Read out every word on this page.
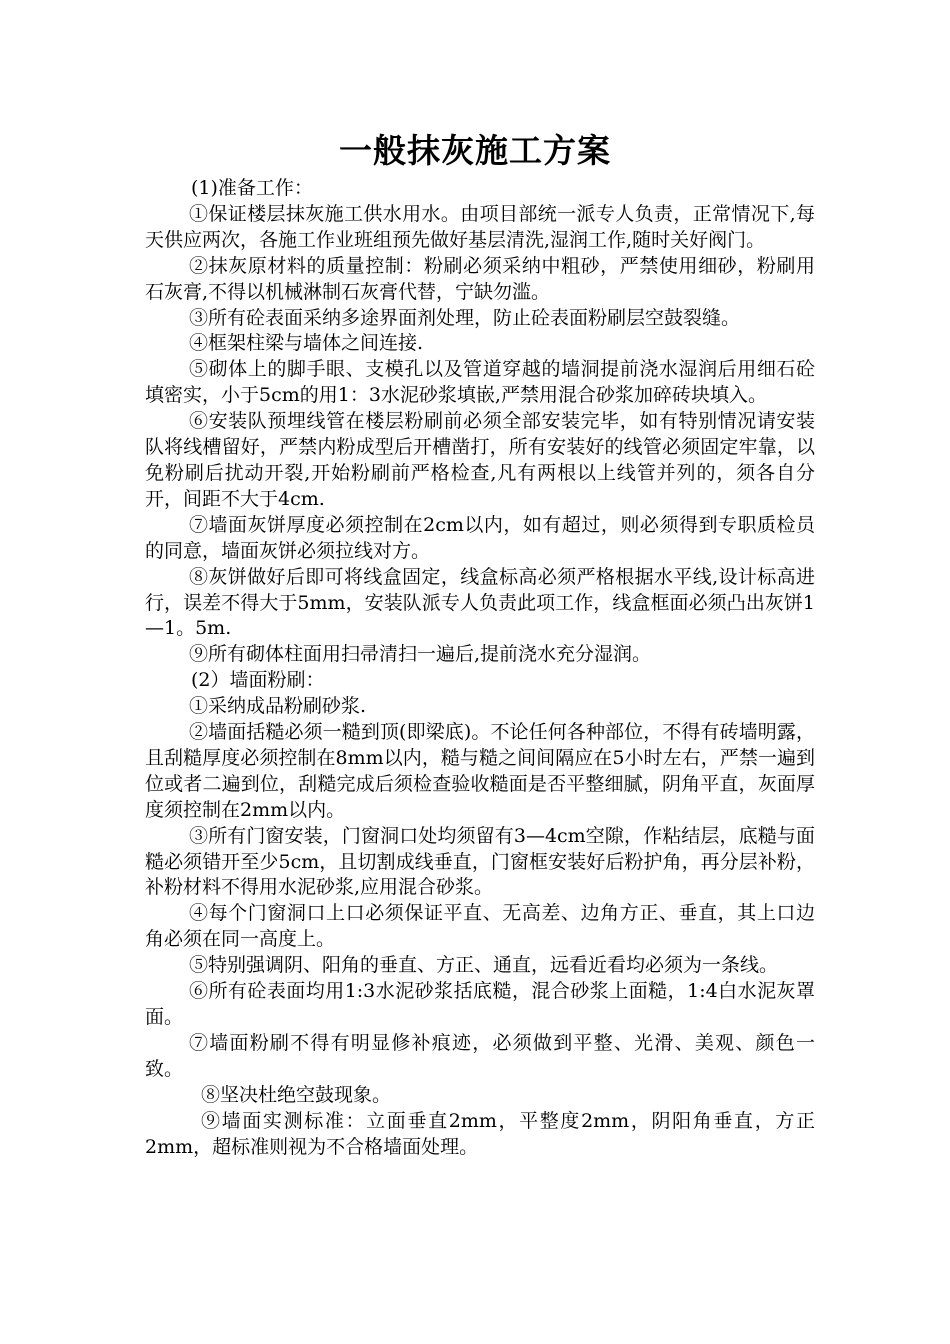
一般抹灰施工方案

(1)准备工作：

①保证楼层抹灰施工供水用水。由项目部统一派专人负责，正常情况下,每天供应两次，各施工作业班组预先做好基层清洗,湿润工作,随时关好阀门。

②抹灰原材料的质量控制：粉刷必须采纳中粗砂，严禁使用细砂，粉刷用石灰膏,不得以机械淋制石灰膏代替，宁缺勿滥。

③所有砼表面采纳多途界面剂处理，防止砼表面粉刷层空鼓裂缝。

④框架柱梁与墙体之间连接.

⑤砌体上的脚手眼、支模孔以及管道穿越的墙洞提前浇水湿润后用细石砼填密实，小于5cm的用1：3水泥砂浆填嵌,严禁用混合砂浆加碎砖块填入。

⑥安装队预埋线管在楼层粉刷前必须全部安装完毕，如有特别情况请安装队将线槽留好，严禁内粉成型后开槽凿打，所有安装好的线管必须固定牢靠，以免粉刷后扰动开裂,开始粉刷前严格检查,凡有两根以上线管并列的，须各自分开，间距不大于4cm.

⑦墙面灰饼厚度必须控制在2cm以内，如有超过，则必须得到专职质检员的同意，墙面灰饼必须拉线对方。

⑧灰饼做好后即可将线盒固定，线盒标高必须严格根据水平线,设计标高进行，误差不得大于5mm，安装队派专人负责此项工作，线盒框面必须凸出灰饼1—1。5m.

⑨所有砌体柱面用扫帚清扫一遍后,提前浇水充分湿润。

(2）墙面粉刷：

①采纳成品粉刷砂浆.

②墙面括糙必须一糙到顶(即梁底)。不论任何各种部位，不得有砖墙明露，且刮糙厚度必须控制在8mm以内，糙与糙之间间隔应在5小时左右，严禁一遍到位或者二遍到位，刮糙完成后须检查验收糙面是否平整细腻，阴角平直，灰面厚度须控制在2mm以内。

③所有门窗安装，门窗洞口处均须留有3—4cm空隙，作粘结层，底糙与面糙必须错开至少5cm，且切割成线垂直，门窗框安装好后粉护角，再分层补粉，补粉材料不得用水泥砂浆,应用混合砂浆。

④每个门窗洞口上口必须保证平直、无高差、边角方正、垂直，其上口边角必须在同一高度上。

⑤特别强调阴、阳角的垂直、方正、通直，远看近看均必须为一条线。

⑥所有砼表面均用1:3水泥砂浆括底糙，混合砂浆上面糙，1:4白水泥灰罩面。

⑦墙面粉刷不得有明显修补痕迹，必须做到平整、光滑、美观、颜色一致。

⑧坚决杜绝空鼓现象。

⑨墙面实测标准：立面垂直2mm，平整度2mm，阴阳角垂直，方正2mm，超标准则视为不合格墙面处理。
